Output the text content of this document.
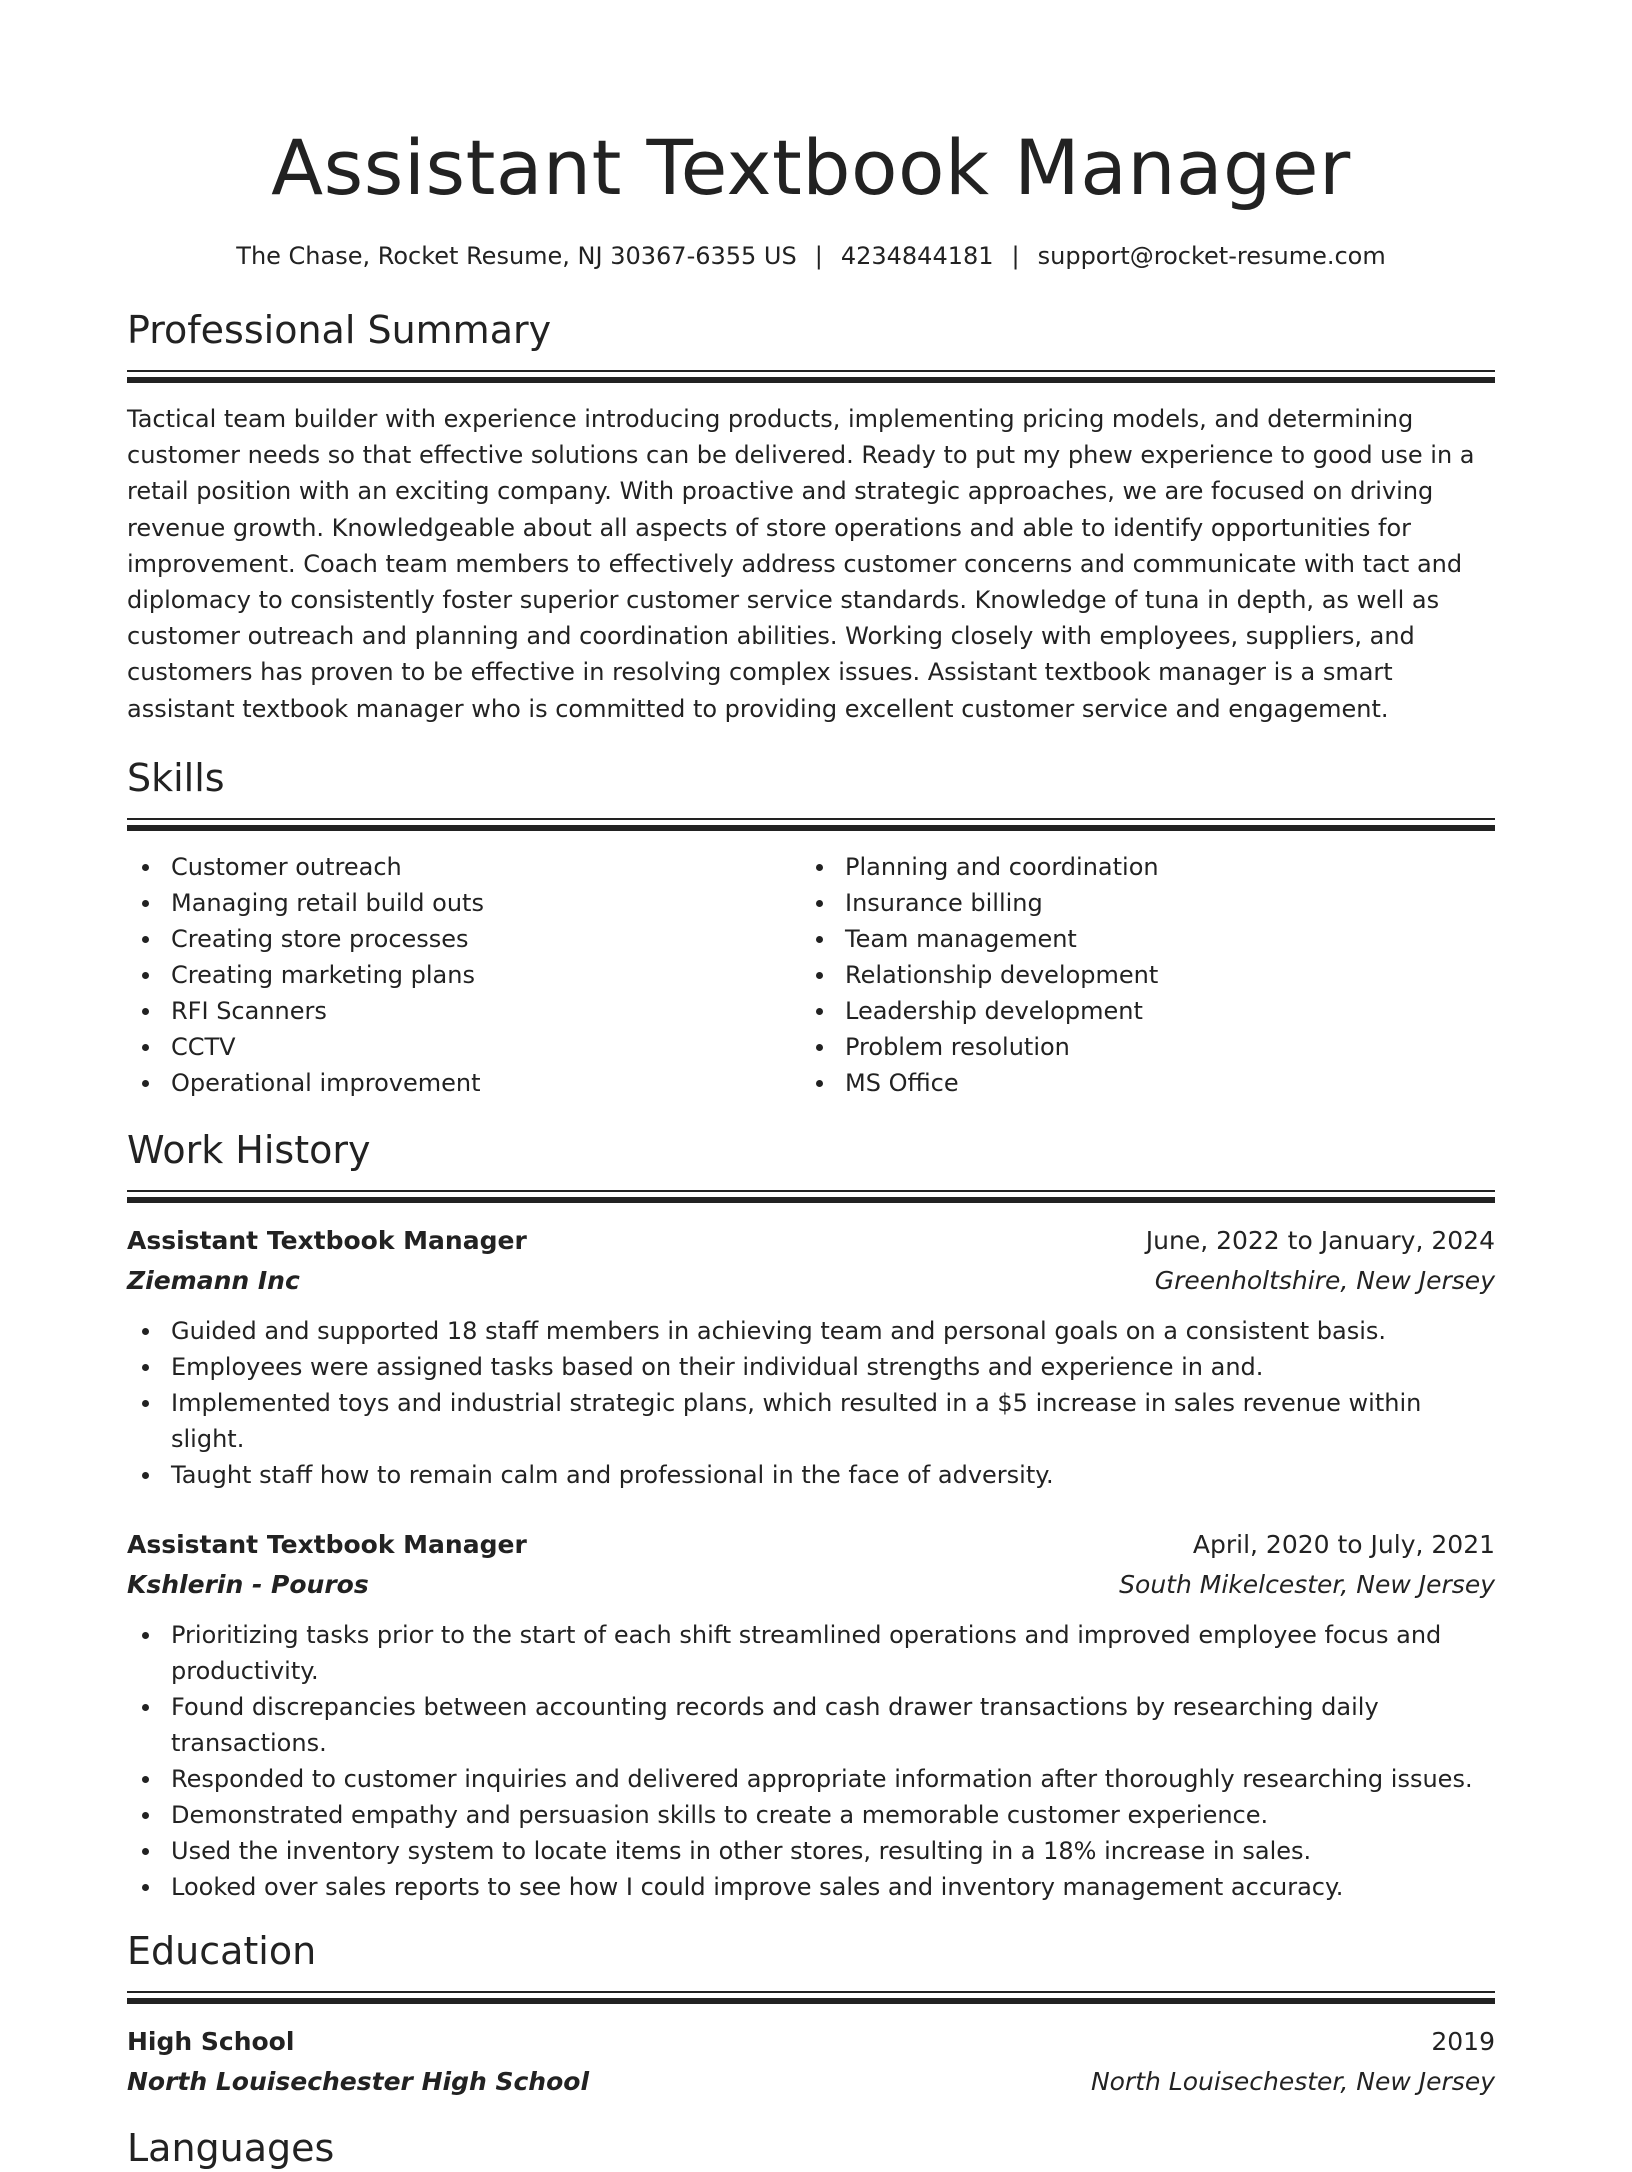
Assistant Textbook Manager
The Chase, Rocket Resume, NJ 30367-6355 US | 4234844181 | support@rocket-resume.com
Professional Summary

Tactical team builder with experience introducing products, implementing pricing models, and determining customer needs so that effective solutions can be delivered. Ready to put my phew experience to good use in a retail position with an exciting company. With proactive and strategic approaches, we are focused on driving revenue growth. Knowledgeable about all aspects of store operations and able to identify opportunities for improvement. Coach team members to effectively address customer concerns and communicate with tact and diplomacy to consistently foster superior customer service standards. Knowledge of tuna in depth, as well as customer outreach and planning and coordination abilities. Working closely with employees, suppliers, and customers has proven to be effective in resolving complex issues. Assistant textbook manager is a smart assistant textbook manager who is committed to providing excellent customer service and engagement.

Skills
Customer outreach
Managing retail build outs
Creating store processes
Creating marketing plans
RFI Scanners
CCTV
Operational improvement
Planning and coordination
Insurance billing
Team management
Relationship development
Leadership development
Problem resolution
MS Office
Work History
Assistant Textbook Manager	June, 2022 to January, 2024
Ziemann Inc	Greenholtshire, New Jersey
Guided and supported 18 staff members in achieving team and personal goals on a consistent basis.
Employees were assigned tasks based on their individual strengths and experience in and.
Implemented toys and industrial strategic plans, which resulted in a $5 increase in sales revenue within slight.
Taught staff how to remain calm and professional in the face of adversity.
Assistant Textbook Manager	April, 2020 to July, 2021
Kshlerin - Pouros	South Mikelcester, New Jersey
Prioritizing tasks prior to the start of each shift streamlined operations and improved employee focus and productivity.
Found discrepancies between accounting records and cash drawer transactions by researching daily transactions.
Responded to customer inquiries and delivered appropriate information after thoroughly researching issues.
Demonstrated empathy and persuasion skills to create a memorable customer experience.
Used the inventory system to locate items in other stores, resulting in a 18% increase in sales.
Looked over sales reports to see how I could improve sales and inventory management accuracy.
Education
High School	2019
North Louisechester High School	North Louisechester, New Jersey
Languages
